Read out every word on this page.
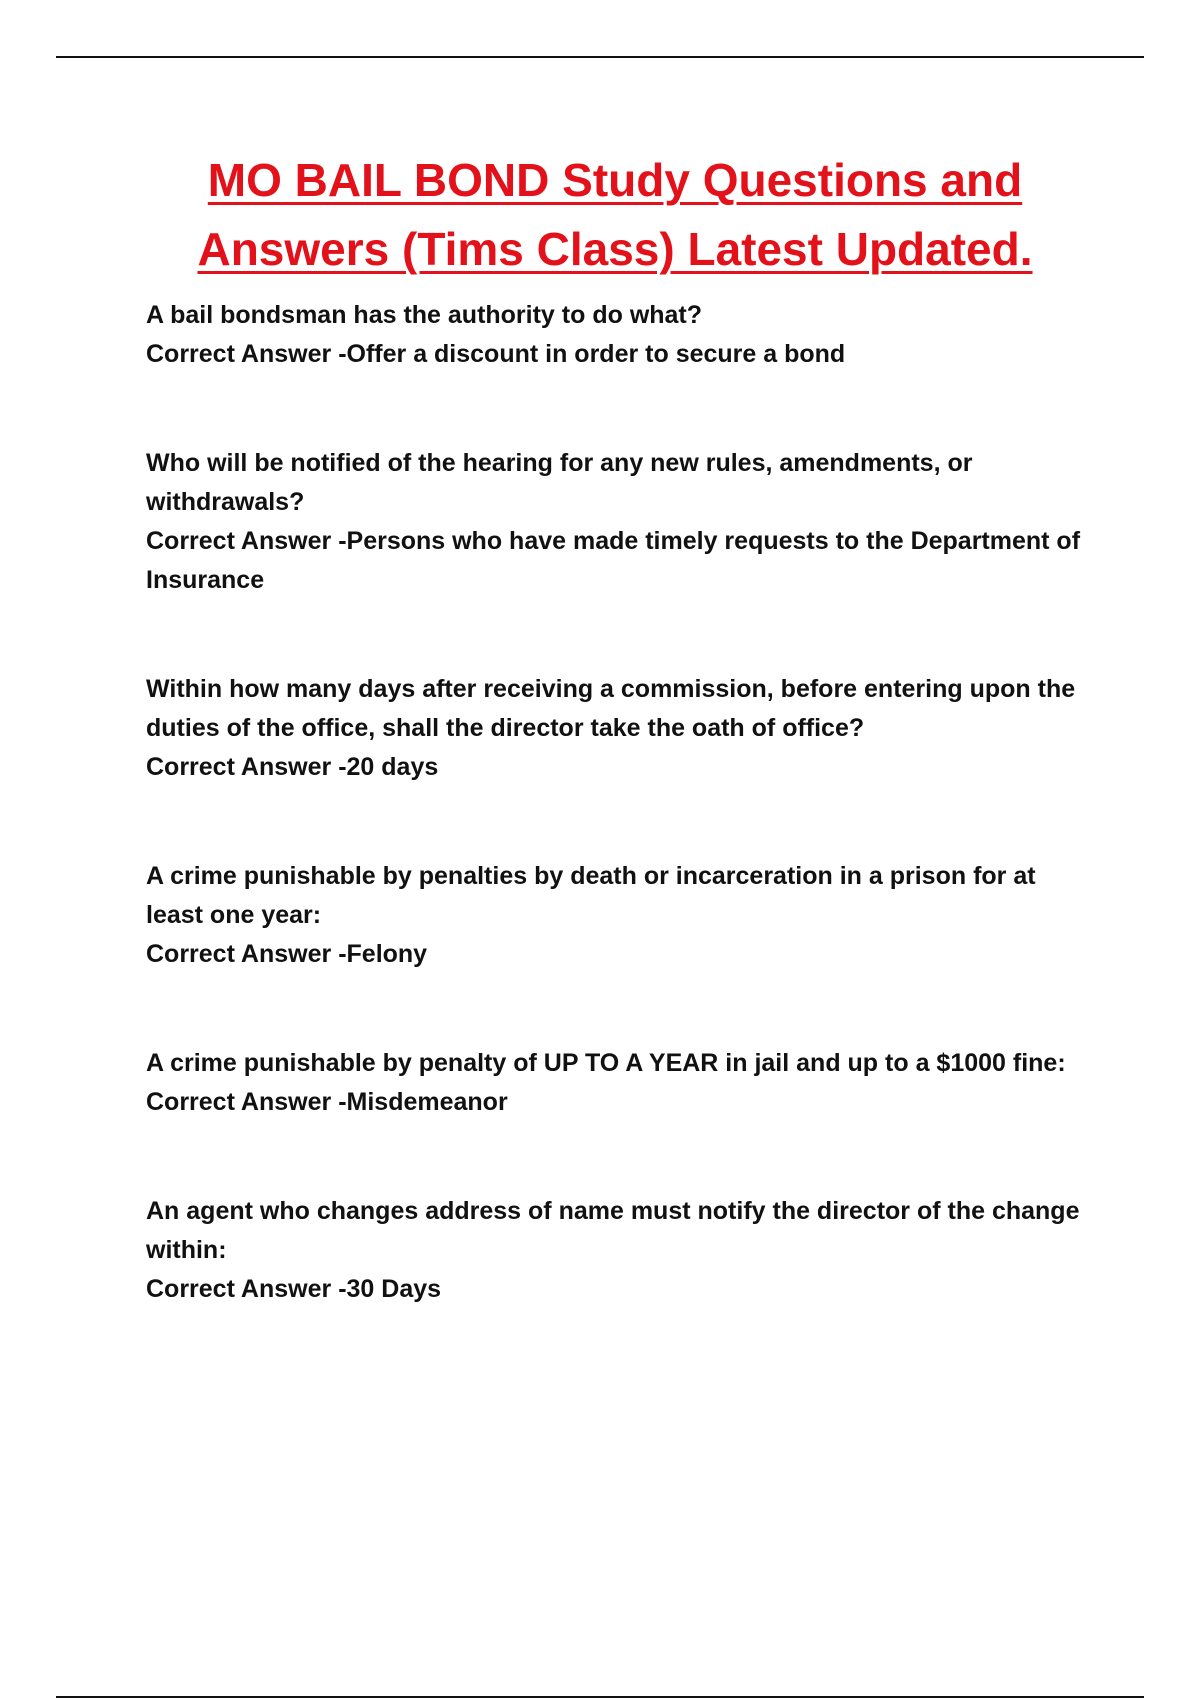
MO BAIL BOND Study Questions and
Answers (Tims Class) Latest Updated.

A bail bondsman has the authority to do what?

Correct Answer -Offer a discount in order to secure a bond

Who will be notified of the hearing for any new rules, amendments, or withdrawals?

Correct Answer -Persons who have made timely requests to the Department of Insurance

Within how many days after receiving a commission, before entering upon the duties of the office, shall the director take the oath of office?

Correct Answer -20 days

A crime punishable by penalties by death or incarceration in a prison for at least one year:

Correct Answer -Felony

A crime punishable by penalty of UP TO A YEAR in jail and up to a $1000 fine:

Correct Answer -Misdemeanor

An agent who changes address of name must notify the director of the change within:

Correct Answer -30 Days
